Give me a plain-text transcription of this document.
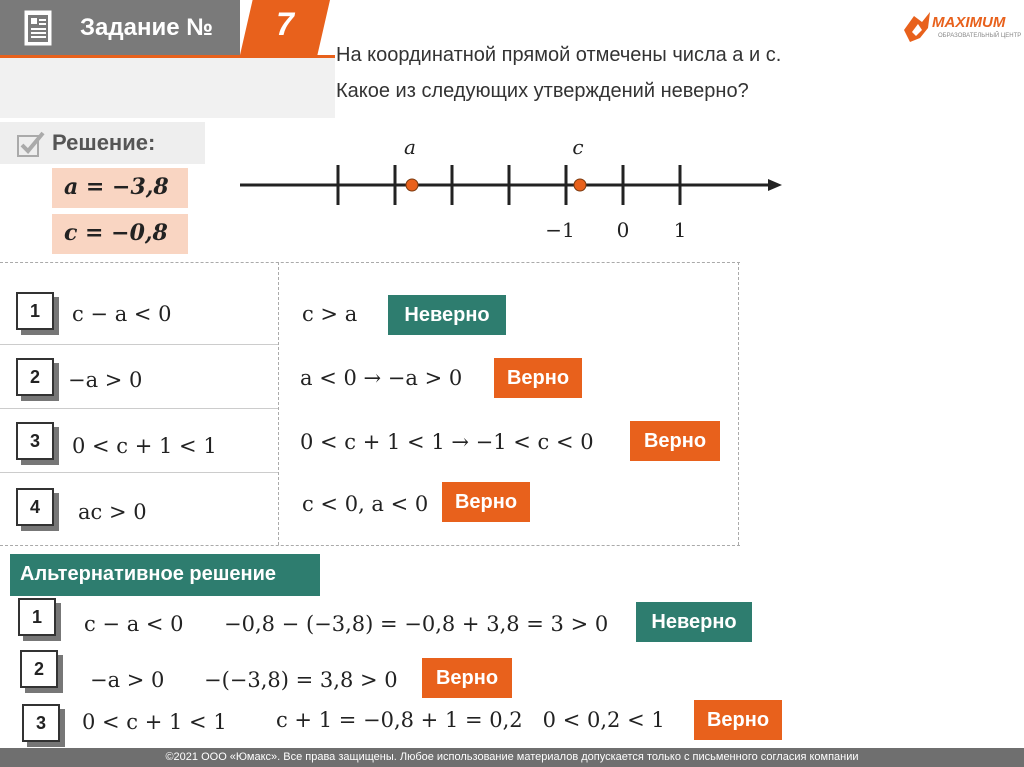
Задание №	7
На координатной прямой отмечены числа a и c.
Какое из следующих утверждений неверно?
MAXIMUM
ОБРАЗОВАТЕЛЬНЫЙ ЦЕНТР
Решение:
a = −3,8
c = −0,8
a	c
−1 0 1
1	c − a < 0	c > a	Неверно
2	−a > 0	a < 0 → −a > 0	Верно
3	0 < c + 1 < 1	0 < c + 1 < 1 → −1 < c < 0	Верно
4	ac > 0	c < 0, a < 0	Верно
Альтернативное решение
1	c − a < 0 −0,8 − (−3,8) = −0,8 + 3,8 = 3 > 0	Неверно
2	−a > 0 −(−3,8) = 3,8 > 0	Верно
3	0 < c + 1 < 1 c + 1 = −0,8 + 1 = 0,2   0 < 0,2 < 1	Верно
©2021 ООО «Юмакс». Все права защищены. Любое использование материалов допускается только с письменного согласия компании
